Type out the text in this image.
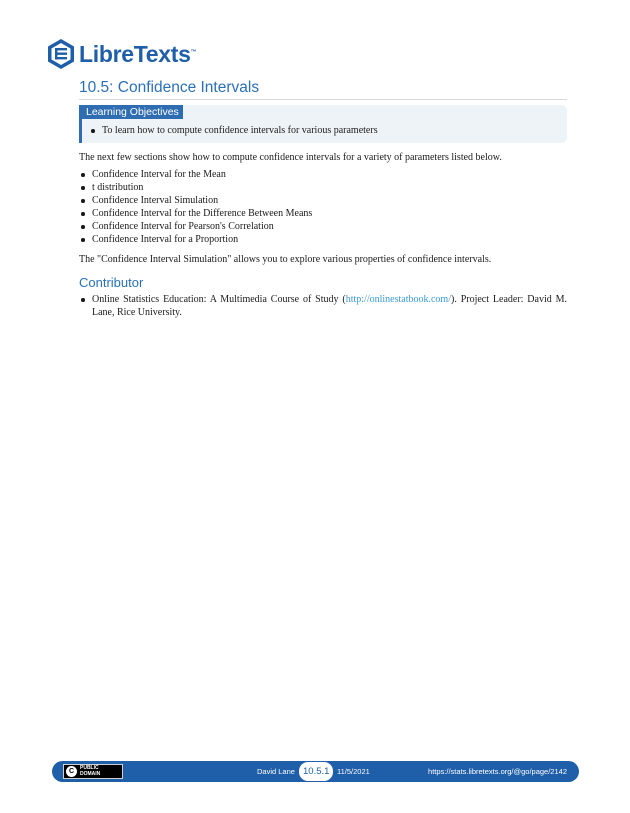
LibreTexts™
10.5: Confidence Intervals
Learning Objectives
To learn how to compute confidence intervals for various parameters

The next few sections show how to compute confidence intervals for a variety of parameters listed below.

Confidence Interval for the Mean
t distribution
Confidence Interval Simulation
Confidence Interval for the Difference Between Means
Confidence Interval for Pearson's Correlation
Confidence Interval for a Proportion

The "Confidence Interval Simulation" allows you to explore various properties of confidence intervals.

Contributor
Online Statistics Education: A Multimedia Course of Study (http://onlinestatbook.com/). Project Leader: David M. Lane, Rice University.
C	PUBLIC
DOMAIN	David Lane 10.5.1	11/5/2021	https://stats.libretexts.org/@go/page/2142
